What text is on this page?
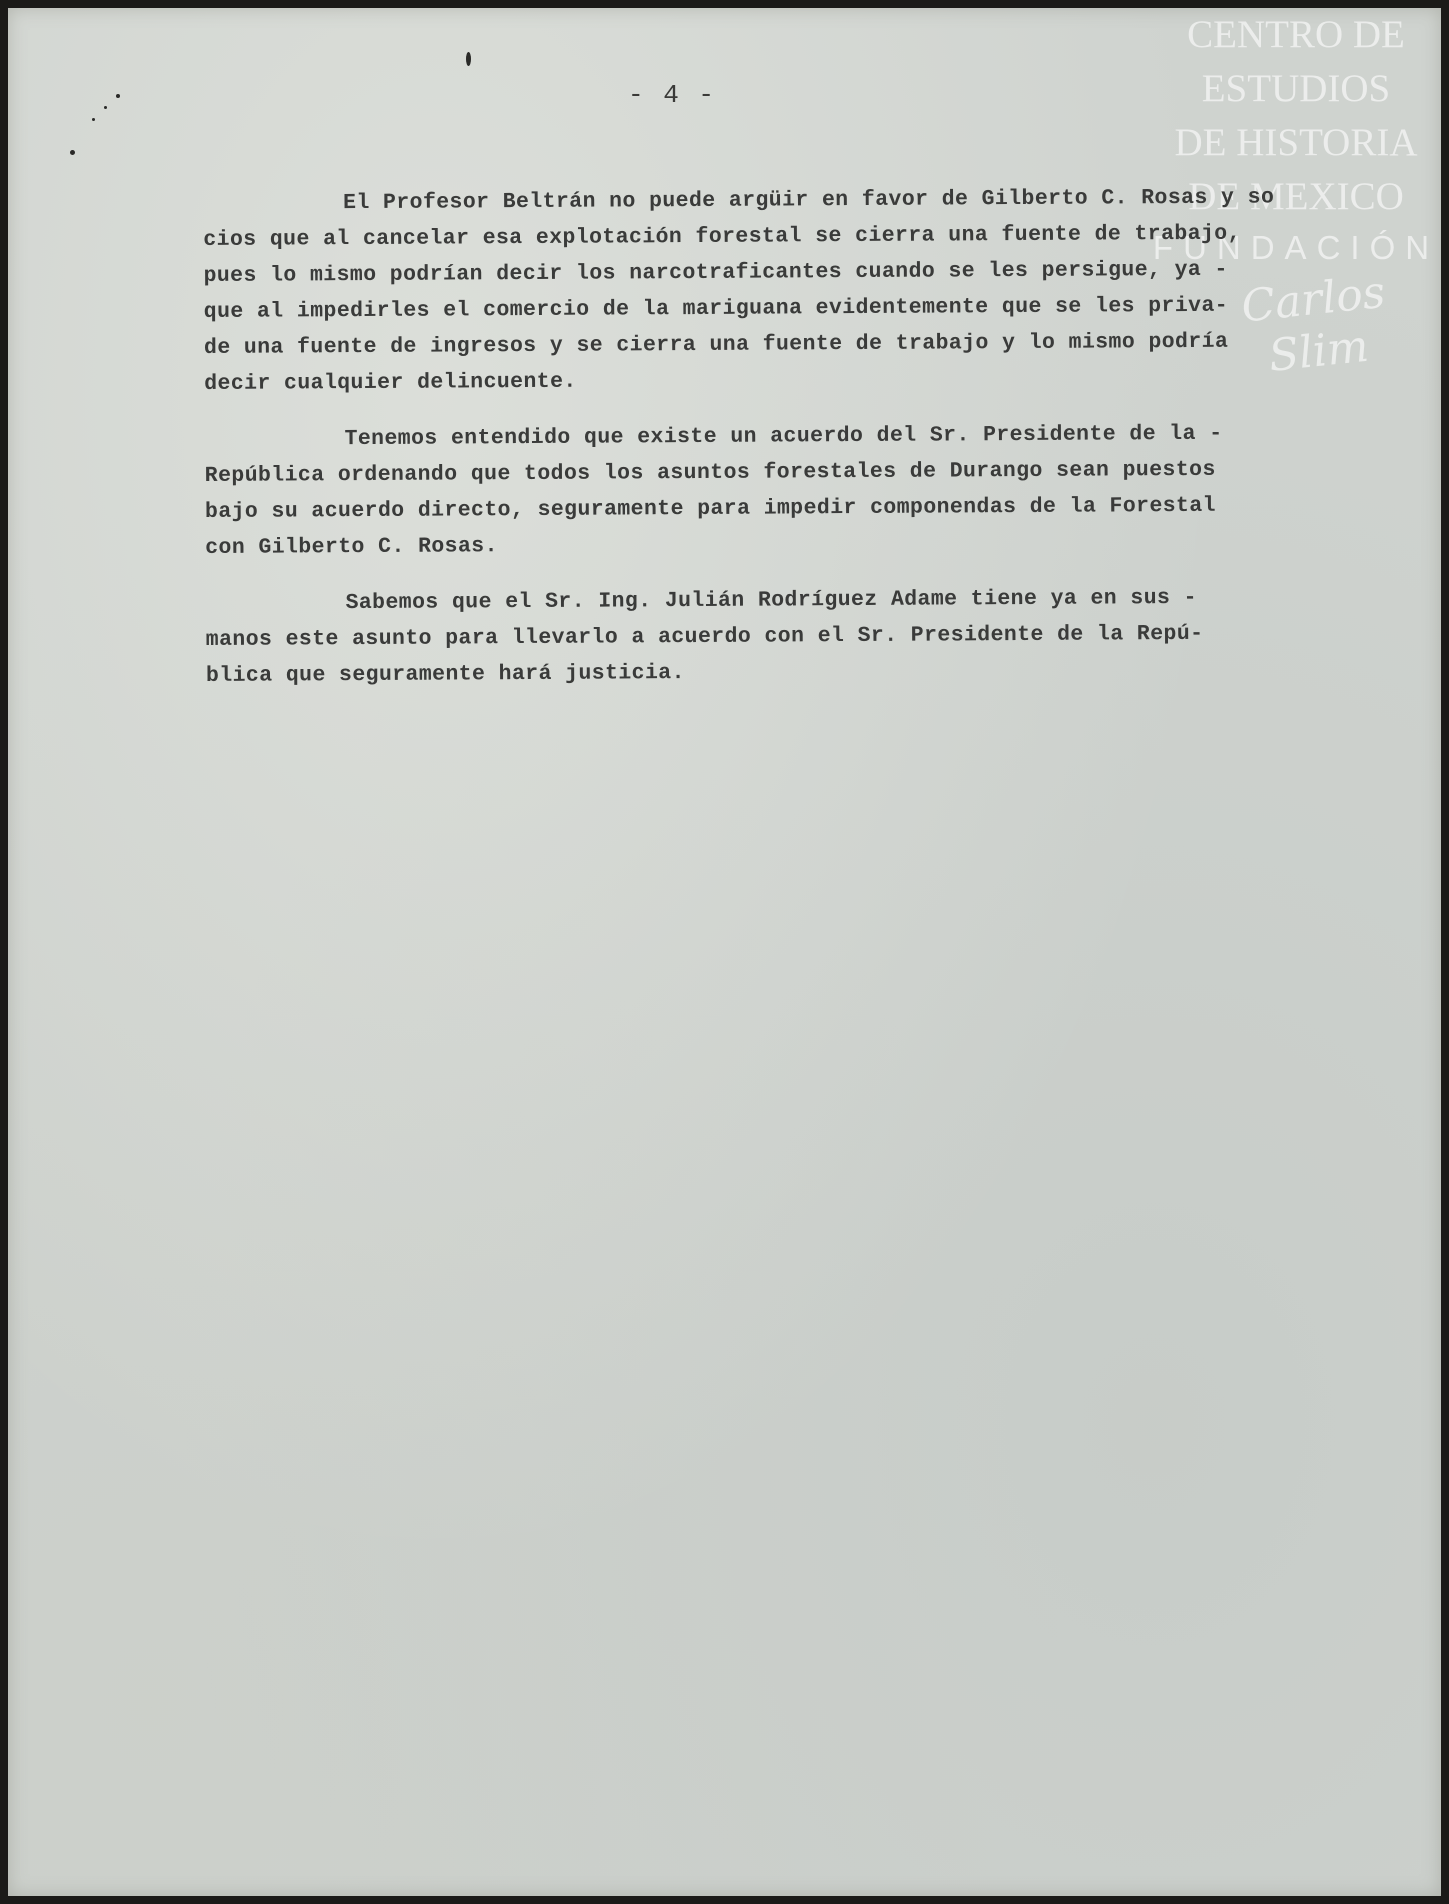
CENTRO DE
ESTUDIOS
DE HISTORIA
DE MEXICO
FUNDACIÓN
Carlos Slim
- 4 -
El Profesor Beltrán no puede argüir en favor de Gilberto C. Rosas y so
cios que al cancelar esa explotación forestal se cierra una fuente de trabajo,
pues lo mismo podrían decir los narcotraficantes cuando se les persigue, ya -
que al impedirles el comercio de la mariguana evidentemente que se les priva-
de una fuente de ingresos y se cierra una fuente de trabajo y lo mismo podría
decir cualquier delincuente.
Tenemos entendido que existe un acuerdo del Sr. Presidente de la -
República ordenando que todos los asuntos forestales de Durango sean puestos
bajo su acuerdo directo, seguramente para impedir componendas de la Forestal
con Gilberto C. Rosas.
Sabemos que el Sr. Ing. Julián Rodríguez Adame tiene ya en sus -
manos este asunto para llevarlo a acuerdo con el Sr. Presidente de la Repú-
blica que seguramente hará justicia.
